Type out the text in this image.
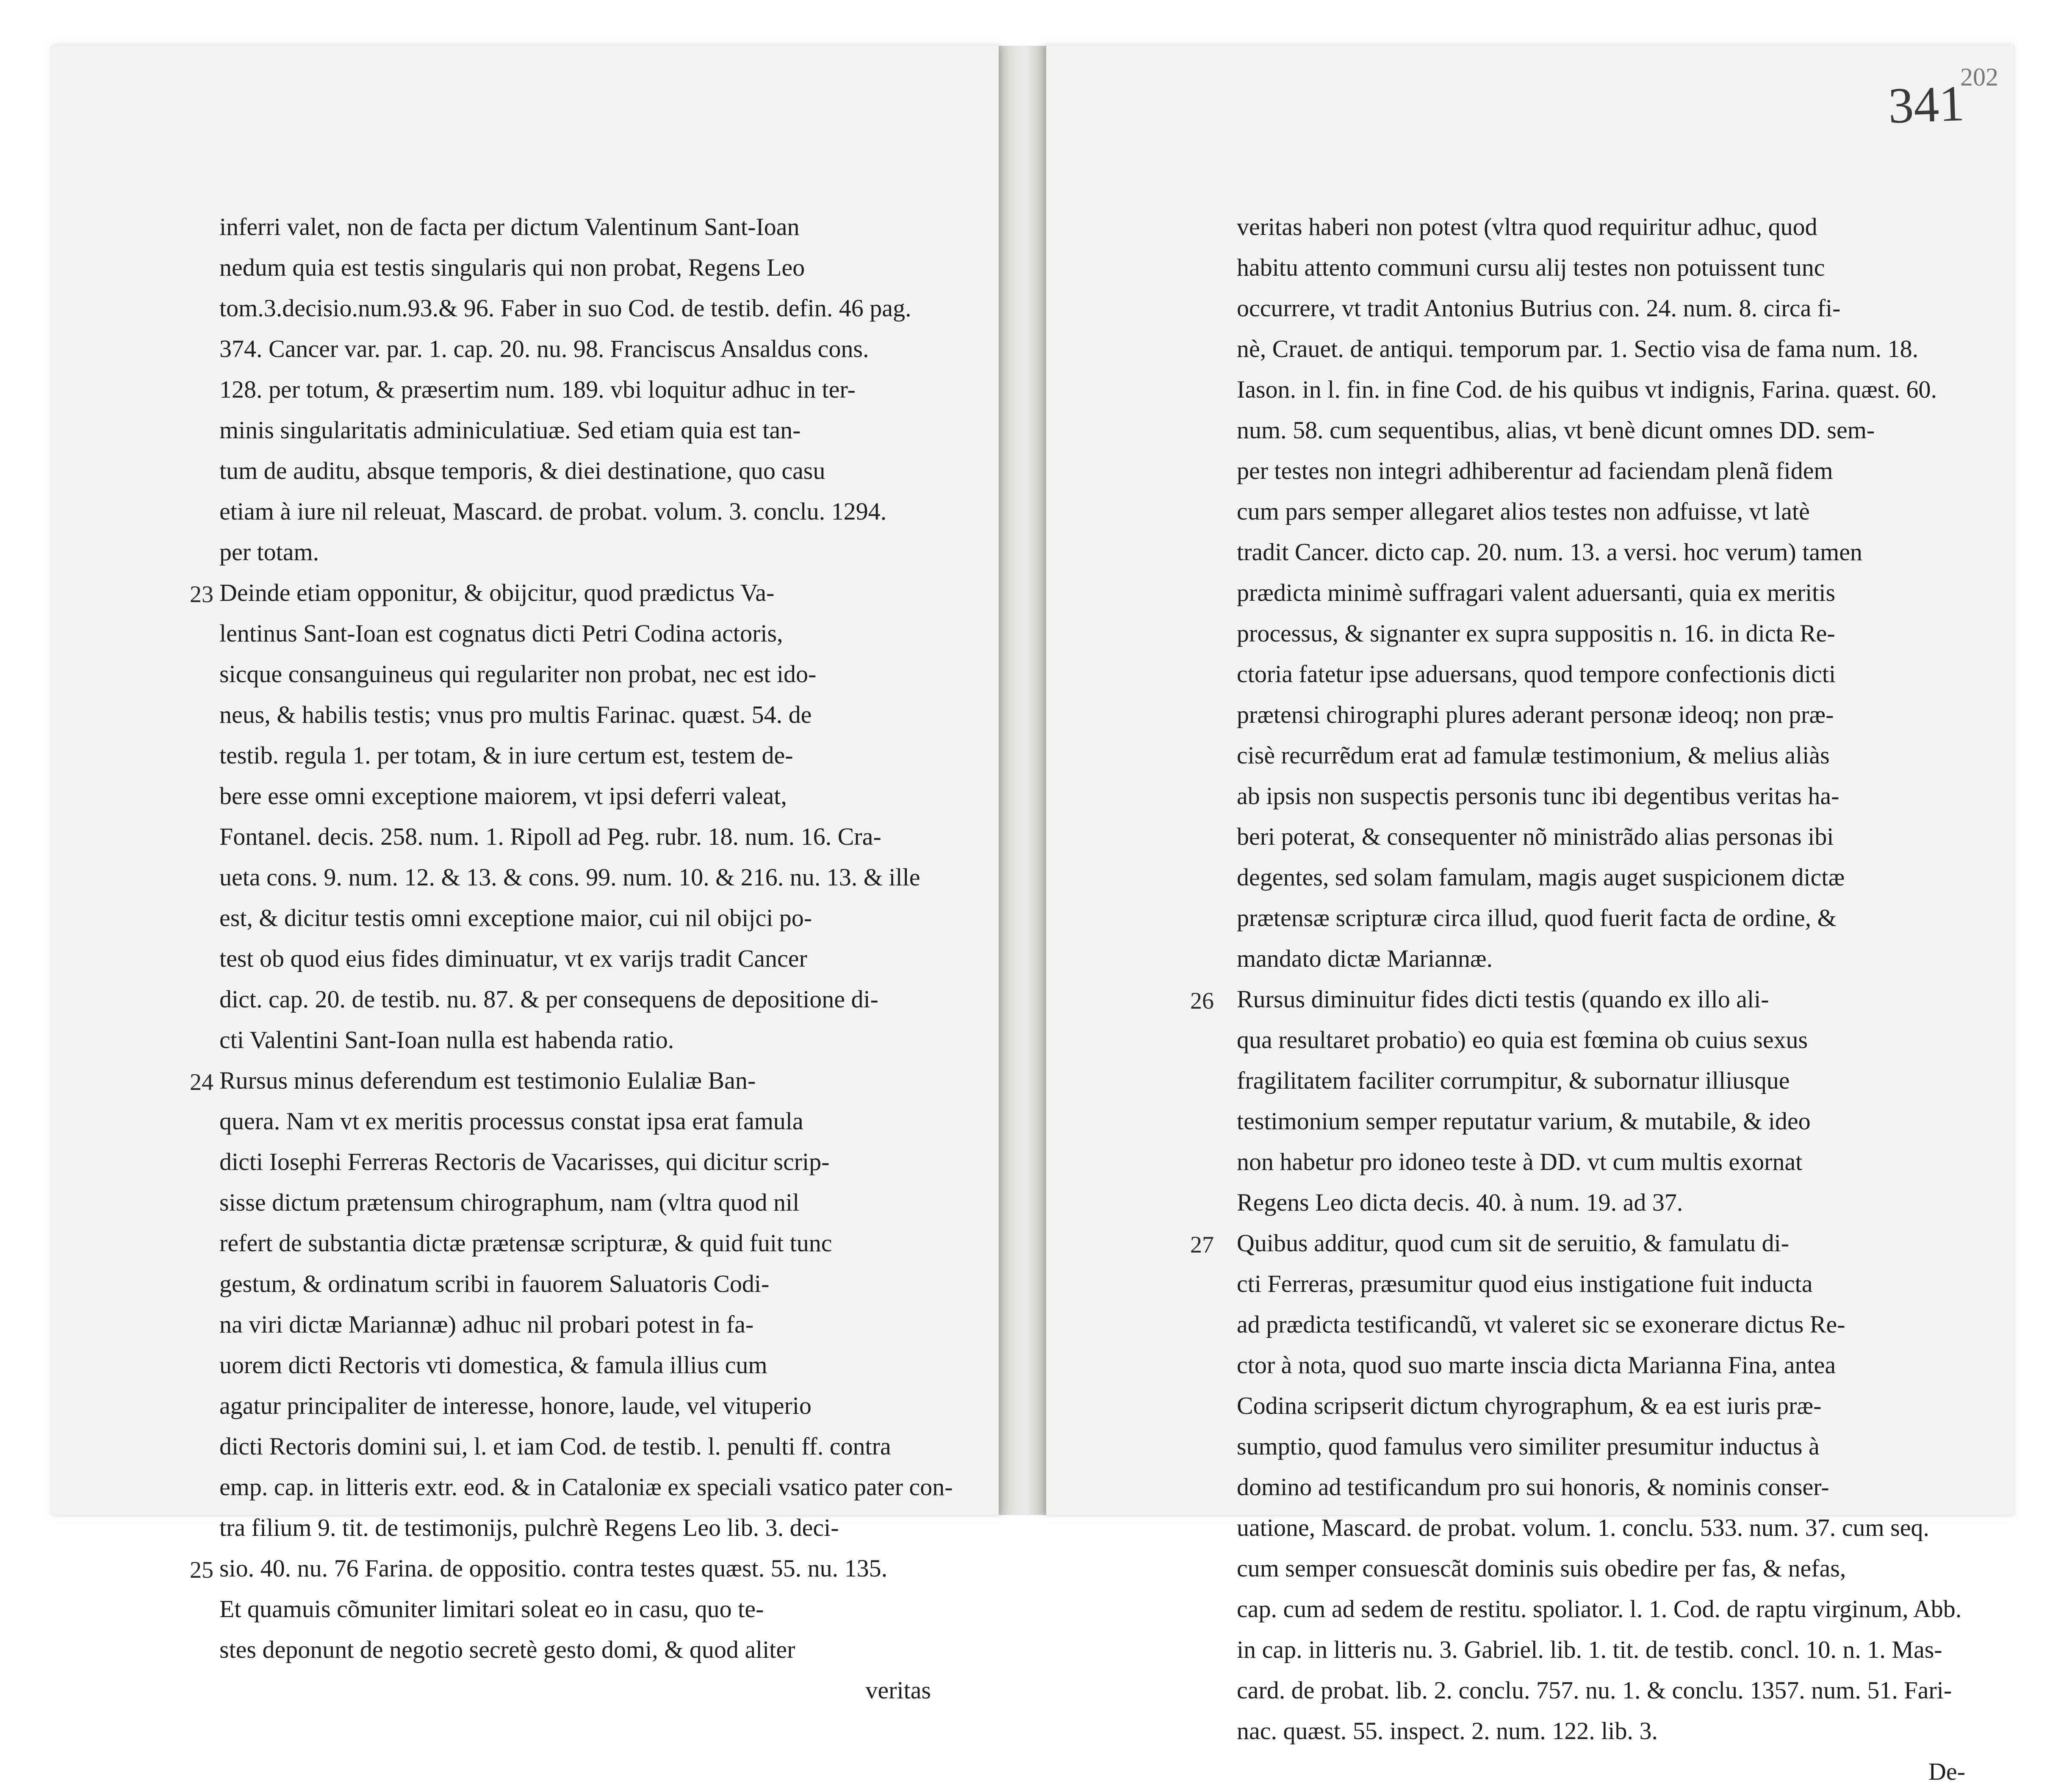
inferri valet, non de facta per dictum Valentinum Sant-Ioan
nedum quia est testis singularis qui non probat, Regens Leo
tom.3.decisio.num.93.& 96. Faber in suo Cod. de testib. defin. 46 pag.
374. Cancer var. par. 1. cap. 20. nu. 98. Franciscus Ansaldus cons.
128. per totum, & præsertim num. 189. vbi loquitur adhuc in ter-
minis singularitatis adminiculatiuæ. Sed etiam quia est tan-
tum de auditu, absque temporis, & diei destinatione, quo casu
etiam à iure nil releuat, Mascard. de probat. volum. 3. conclu. 1294.
per totam.
Deinde etiam opponitur, & obijcitur, quod prædictus Va-
lentinus Sant-Ioan est cognatus dicti Petri Codina actoris,
sicque consanguineus qui regulariter non probat, nec est ido-
neus, & habilis testis; vnus pro multis Farinac. quæst. 54. de
testib. regula 1. per totam, & in iure certum est, testem de-
bere esse omni exceptione maiorem, vt ipsi deferri valeat,
Fontanel. decis. 258. num. 1. Ripoll ad Peg. rubr. 18. num. 16. Cra-
ueta cons. 9. num. 12. & 13. & cons. 99. num. 10. & 216. nu. 13. & ille
est, & dicitur testis omni exceptione maior, cui nil obijci po-
test ob quod eius fides diminuatur, vt ex varijs tradit Cancer
dict. cap. 20. de testib. nu. 87. & per consequens de depositione di-
cti Valentini Sant-Ioan nulla est habenda ratio.
Rursus minus deferendum est testimonio Eulaliæ Ban-
quera. Nam vt ex meritis processus constat ipsa erat famula
dicti Iosephi Ferreras Rectoris de Vacarisses, qui dicitur scrip-
sisse dictum prætensum chirographum, nam (vltra quod nil
refert de substantia dictæ prætensæ scripturæ, & quid fuit tunc
gestum, & ordinatum scribi in fauorem Saluatoris Codi-
na viri dictæ Mariannæ) adhuc nil probari potest in fa-
uorem dicti Rectoris vti domestica, & famula illius cum
agatur principaliter de interesse, honore, laude, vel vituperio
dicti Rectoris domini sui, l. et iam Cod. de testib. l. penulti ff. contra
emp. cap. in litteris extr. eod. & in Cataloniæ ex speciali vsatico pater con-
tra filium 9. tit. de testimonijs, pulchrè Regens Leo lib. 3. deci-
sio. 40. nu. 76 Farina. de oppositio. contra testes quæst. 55. nu. 135.
Et quamuis cõmuniter limitari soleat eo in casu, quo te-
stes deponunt de negotio secretè gesto domi, & quod aliter
veritas
23
24
25
341
202
veritas haberi non potest (vltra quod requiritur adhuc, quod
habitu attento communi cursu alij testes non potuissent tunc
occurrere, vt tradit Antonius Butrius con. 24. num. 8. circa fi-
nè, Crauet. de antiqui. temporum par. 1. Sectio visa de fama num. 18.
Iason. in l. fin. in fine Cod. de his quibus vt indignis, Farina. quæst. 60.
num. 58. cum sequentibus, alias, vt benè dicunt omnes DD. sem-
per testes non integri adhiberentur ad faciendam plenã fidem
cum pars semper allegaret alios testes non adfuisse, vt latè
tradit Cancer. dicto cap. 20. num. 13. a versi. hoc verum) tamen
prædicta minimè suffragari valent aduersanti, quia ex meritis
processus, & signanter ex supra suppositis n. 16. in dicta Re-
ctoria fatetur ipse aduersans, quod tempore confectionis dicti
prætensi chirographi plures aderant personæ ideoq; non præ-
cisè recurrẽdum erat ad famulæ testimonium, & melius aliàs
ab ipsis non suspectis personis tunc ibi degentibus veritas ha-
beri poterat, & consequenter nõ ministrãdo alias personas ibi
degentes, sed solam famulam, magis auget suspicionem dictæ
prætensæ scripturæ circa illud, quod fuerit facta de ordine, &
mandato dictæ Mariannæ.
Rursus diminuitur fides dicti testis (quando ex illo ali-
qua resultaret probatio) eo quia est fœmina ob cuius sexus
fragilitatem faciliter corrumpitur, & subornatur illiusque
testimonium semper reputatur varium, & mutabile, & ideo
non habetur pro idoneo teste à DD. vt cum multis exornat
Regens Leo dicta decis. 40. à num. 19. ad 37.
Quibus additur, quod cum sit de seruitio, & famulatu di-
cti Ferreras, præsumitur quod eius instigatione fuit inducta
ad prædicta testificandũ, vt valeret sic se exonerare dictus Re-
ctor à nota, quod suo marte inscia dicta Marianna Fina, antea
Codina scripserit dictum chyrographum, & ea est iuris præ-
sumptio, quod famulus vero similiter presumitur inductus à
domino ad testificandum pro sui honoris, & nominis conser-
uatione, Mascard. de probat. volum. 1. conclu. 533. num. 37. cum seq.
cum semper consuescãt dominis suis obedire per fas, & nefas,
cap. cum ad sedem de restitu. spoliator. l. 1. Cod. de raptu virginum, Abb.
in cap. in litteris nu. 3. Gabriel. lib. 1. tit. de testib. concl. 10. n. 1. Mas-
card. de probat. lib. 2. conclu. 757. nu. 1. & conclu. 1357. num. 51. Fari-
nac. quæst. 55. inspect. 2. num. 122. lib. 3.
De-
26
27
